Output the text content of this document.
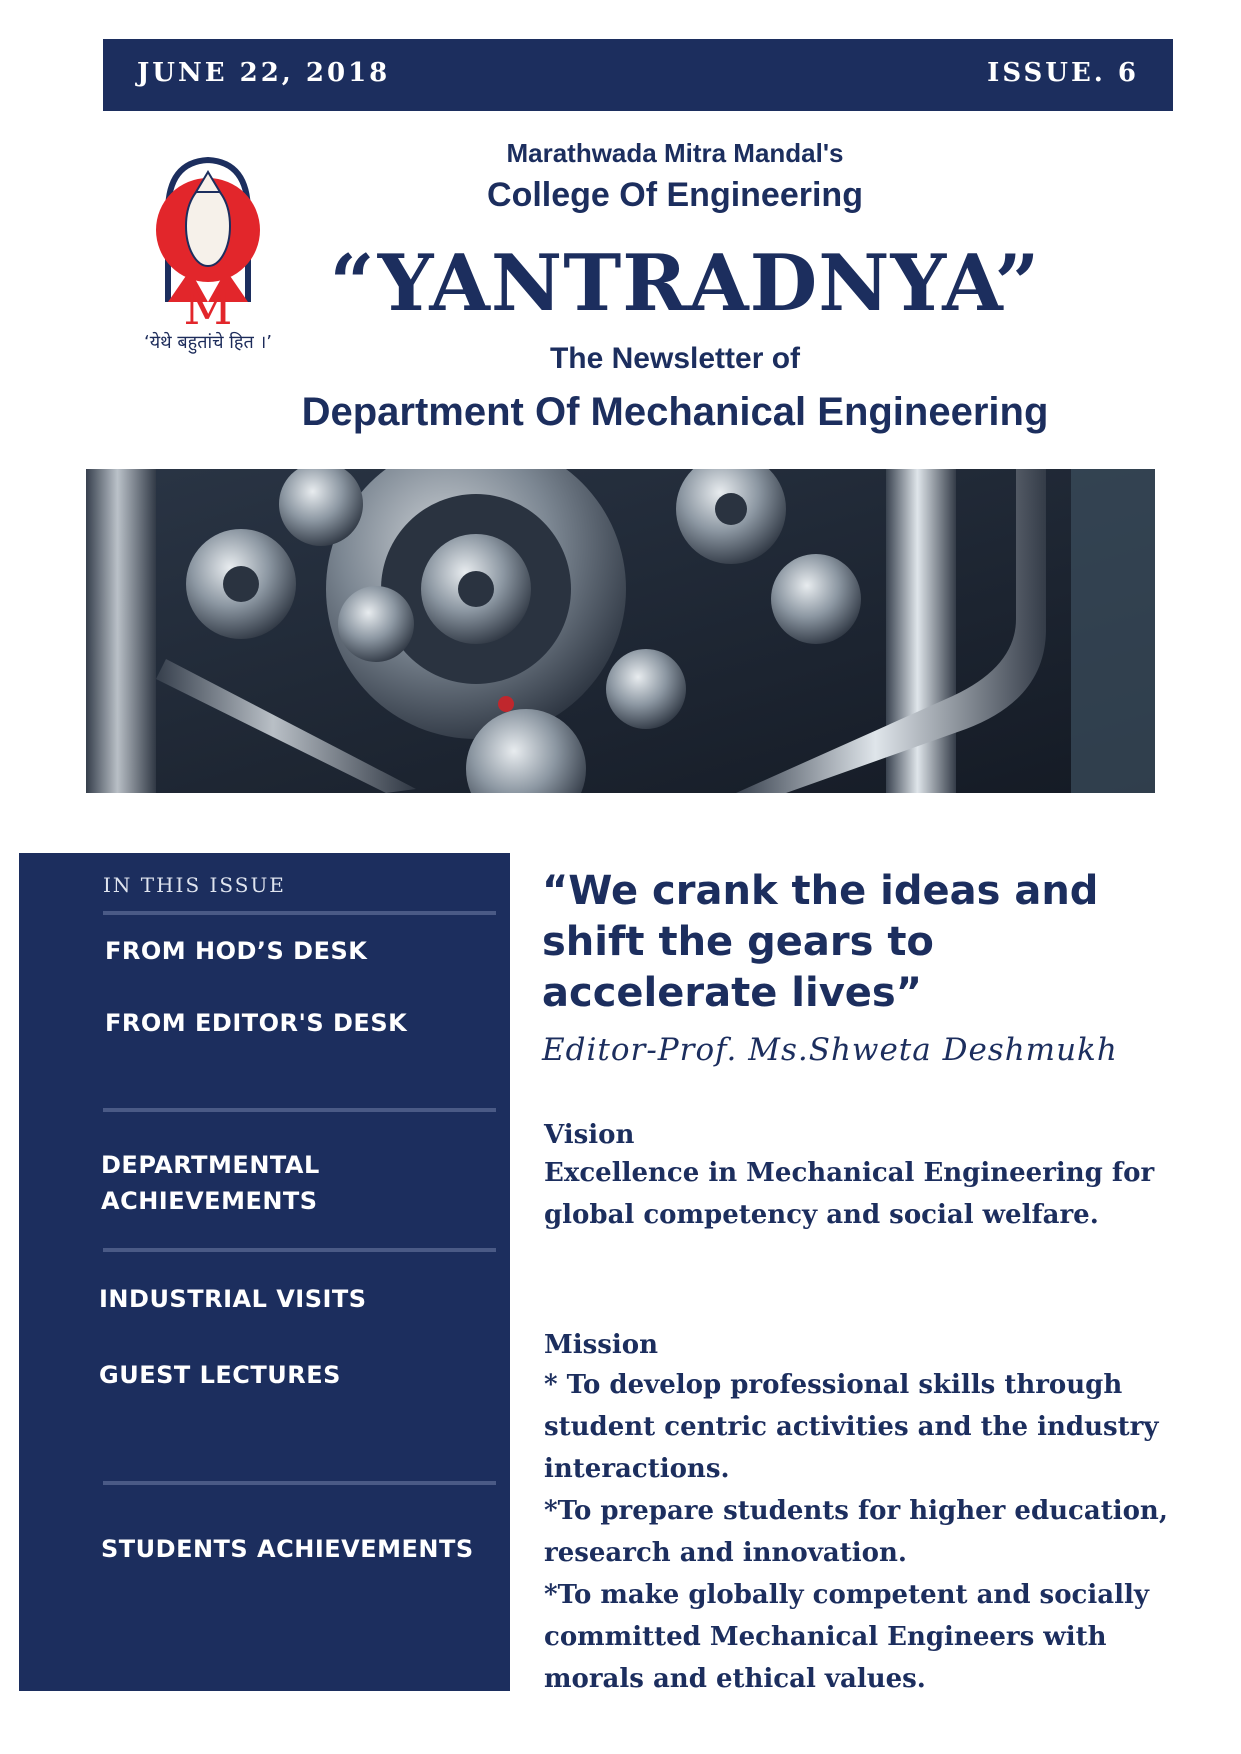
JUNE 22, 2018	ISSUE. 6
M
‘येथे बहुतांचे हित ।’
Marathwada Mitra Mandal's
College Of Engineering
“YANTRADNYA”
The Newsletter of
Department Of Mechanical Engineering
IN THIS ISSUE
FROM HOD’S DESK
FROM EDITOR'S DESK
DEPARTMENTAL ACHIEVEMENTS
INDUSTRIAL VISITS
GUEST LECTURES
STUDENTS ACHIEVEMENTS
“We crank the ideas and shift the gears to accelerate lives”
Editor-Prof. Ms.Shweta Deshmukh
Vision
Excellence in Mechanical Engineering for global competency and social welfare.
Mission
* To develop professional skills through student centric activities and the industry interactions.
*To prepare students for higher education, research and innovation.
*To make globally competent and socially committed Mechanical Engineers with morals and ethical values.
